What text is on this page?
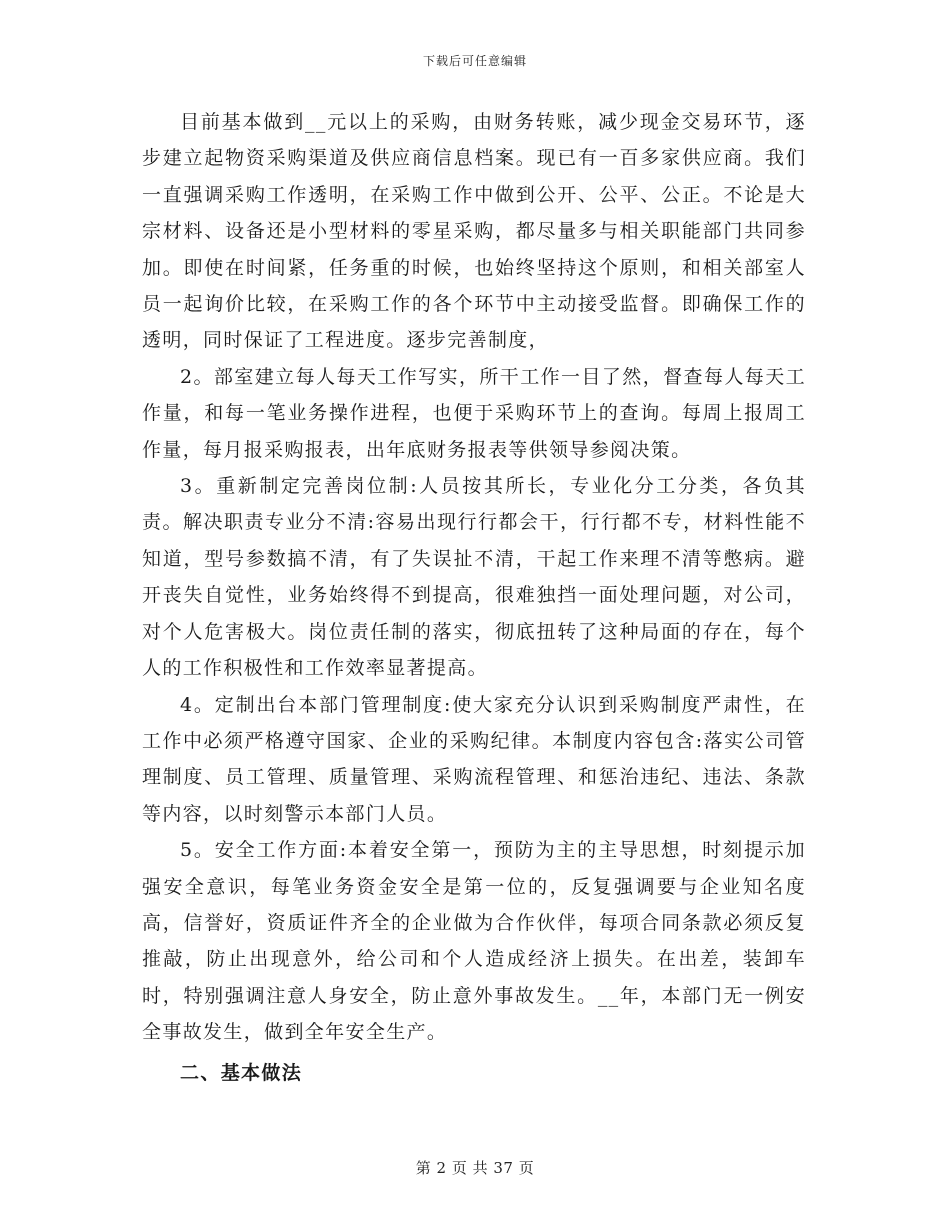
下载后可任意编辑

目前基本做到__元以上的采购，由财务转账，减少现金交易环节，逐步建立起物资采购渠道及供应商信息档案。现已有一百多家供应商。我们一直强调采购工作透明，在采购工作中做到公开、公平、公正。不论是大宗材料、设备还是小型材料的零星采购，都尽量多与相关职能部门共同参加。即使在时间紧，任务重的时候，也始终坚持这个原则，和相关部室人员一起询价比较，在采购工作的各个环节中主动接受监督。即确保工作的透明，同时保证了工程进度。逐步完善制度，

2。部室建立每人每天工作写实，所干工作一目了然，督查每人每天工作量，和每一笔业务操作进程，也便于采购环节上的查询。每周上报周工作量，每月报采购报表，出年底财务报表等供领导参阅决策。

3。重新制定完善岗位制:人员按其所长，专业化分工分类，各负其责。解决职责专业分不清:容易出现行行都会干，行行都不专，材料性能不知道，型号参数搞不清，有了失误扯不清，干起工作来理不清等憋病。避开丧失自觉性，业务始终得不到提高，很难独挡一面处理问题，对公司，对个人危害极大。岗位责任制的落实，彻底扭转了这种局面的存在，每个人的工作积极性和工作效率显著提高。

4。定制出台本部门管理制度:使大家充分认识到采购制度严肃性，在工作中必须严格遵守国家、企业的采购纪律。本制度内容包含:落实公司管理制度、员工管理、质量管理、采购流程管理、和惩治违纪、违法、条款等内容，以时刻警示本部门人员。

5。安全工作方面:本着安全第一，预防为主的主导思想，时刻提示加强安全意识，每笔业务资金安全是第一位的，反复强调要与企业知名度高，信誉好，资质证件齐全的企业做为合作伙伴，每项合同条款必须反复推敲，防止出现意外，给公司和个人造成经济上损失。在出差，装卸车时，特别强调注意人身安全，防止意外事故发生。__年，本部门无一例安全事故发生，做到全年安全生产。

二、基本做法

第 2 页 共 37 页
